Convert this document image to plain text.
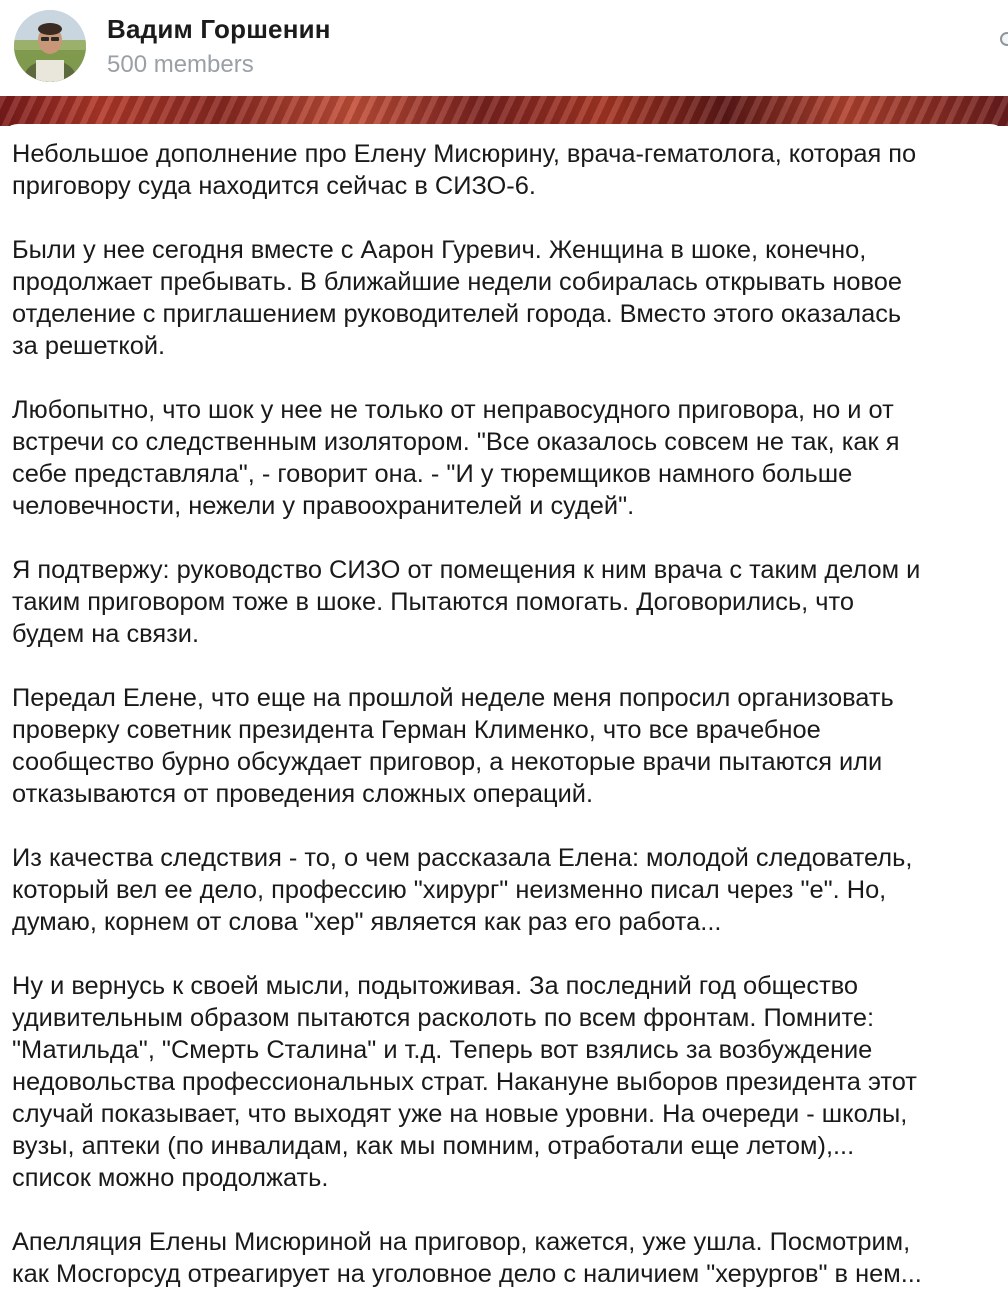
Вадим Горшенин
500 members
Небольшое дополнение про Елену Мисюрину, врача-гематолога, которая по
приговору суда находится сейчас в СИЗО-6.
Были у нее сегодня вместе с Аарон Гуревич. Женщина в шоке, конечно,
продолжает пребывать. В ближайшие недели собиралась открывать новое
отделение с приглашением руководителей города. Вместо этого оказалась
за решеткой.
Любопытно, что шок у нее не только от неправосудного приговора, но и от
встречи со следственным изолятором. "Все оказалось совсем не так, как я
себе представляла", - говорит она. - "И у тюремщиков намного больше
человечности, нежели у правоохранителей и судей".
Я подтвержу: руководство СИЗО от помещения к ним врача с таким делом и
таким приговором тоже в шоке. Пытаются помогать. Договорились, что
будем на связи.
Передал Елене, что еще на прошлой неделе меня попросил организовать
проверку советник президента Герман Клименко, что все врачебное
сообщество бурно обсуждает приговор, а некоторые врачи пытаются или
отказываются от проведения сложных операций.
Из качества следствия - то, о чем рассказала Елена: молодой следователь,
который вел ее дело, профессию "хирург" неизменно писал через "е". Но,
думаю, корнем от слова "хер" является как раз его работа...
Ну и вернусь к своей мысли, подытоживая. За последний год общество
удивительным образом пытаются расколоть по всем фронтам. Помните:
"Матильда", "Смерть Сталина" и т.д. Теперь вот взялись за возбуждение
недовольства профессиональных страт. Накануне выборов президента этот
случай показывает, что выходят уже на новые уровни. На очереди - школы,
вузы, аптеки (по инвалидам, как мы помним, отработали еще летом),...
список можно продолжать.
Апелляция Елены Мисюриной на приговор, кажется, уже ушла. Посмотрим,
как Мосгорсуд отреагирует на уголовное дело с наличием "херургов" в нем...
